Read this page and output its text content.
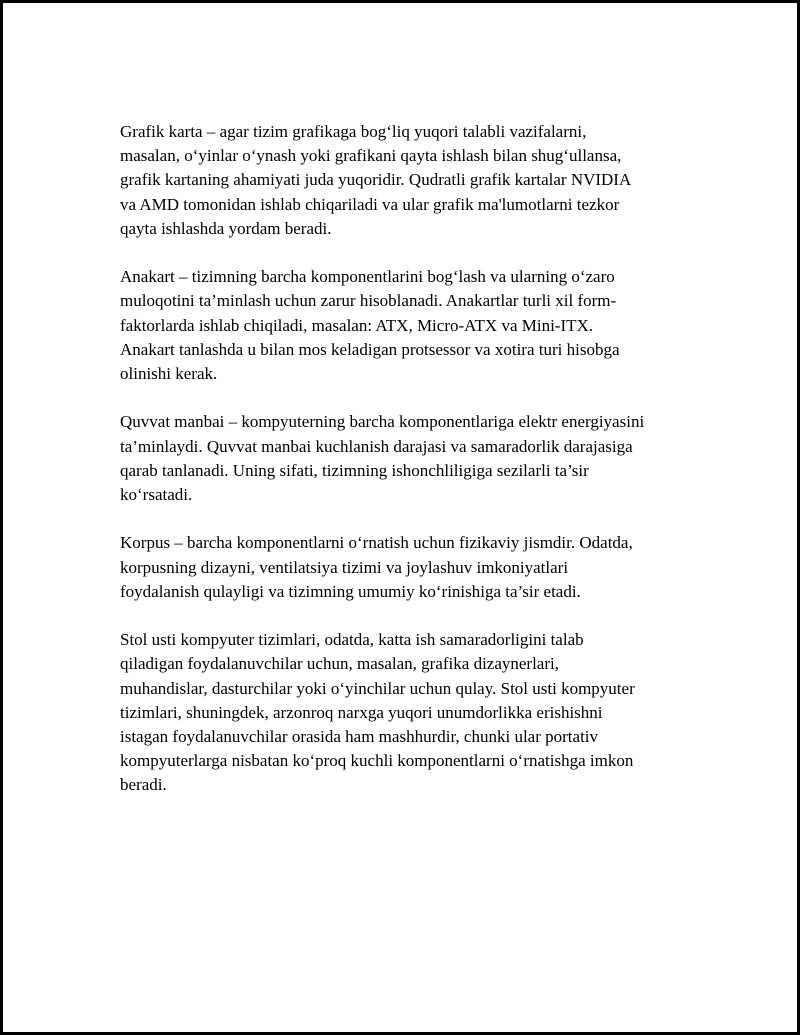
Grafik karta – agar tizim grafikaga bog‘liq yuqori talabli vazifalarni,
masalan, o‘yinlar o‘ynash yoki grafikani qayta ishlash bilan shug‘ullansa,
grafik kartaning ahamiyati juda yuqoridir. Qudratli grafik kartalar NVIDIA
va AMD tomonidan ishlab chiqariladi va ular grafik ma'lumotlarni tezkor
qayta ishlashda yordam beradi.

Anakart – tizimning barcha komponentlarini bog‘lash va ularning o‘zaro
muloqotini ta’minlash uchun zarur hisoblanadi. Anakartlar turli xil form-
faktorlarda ishlab chiqiladi, masalan: ATX, Micro-ATX va Mini-ITX.
Anakart tanlashda u bilan mos keladigan protsessor va xotira turi hisobga
olinishi kerak.

Quvvat manbai – kompyuterning barcha komponentlariga elektr energiyasini
ta’minlaydi. Quvvat manbai kuchlanish darajasi va samaradorlik darajasiga
qarab tanlanadi. Uning sifati, tizimning ishonchliligiga sezilarli ta’sir
ko‘rsatadi.

Korpus – barcha komponentlarni o‘rnatish uchun fizikaviy jismdir. Odatda,
korpusning dizayni, ventilatsiya tizimi va joylashuv imkoniyatlari
foydalanish qulayligi va tizimning umumiy ko‘rinishiga ta’sir etadi.

Stol usti kompyuter tizimlari, odatda, katta ish samaradorligini talab
qiladigan foydalanuvchilar uchun, masalan, grafika dizaynerlari,
muhandislar, dasturchilar yoki o‘yinchilar uchun qulay. Stol usti kompyuter
tizimlari, shuningdek, arzonroq narxga yuqori unumdorlikka erishishni
istagan foydalanuvchilar orasida ham mashhurdir, chunki ular portativ
kompyuterlarga nisbatan ko‘proq kuchli komponentlarni o‘rnatishga imkon
beradi.
